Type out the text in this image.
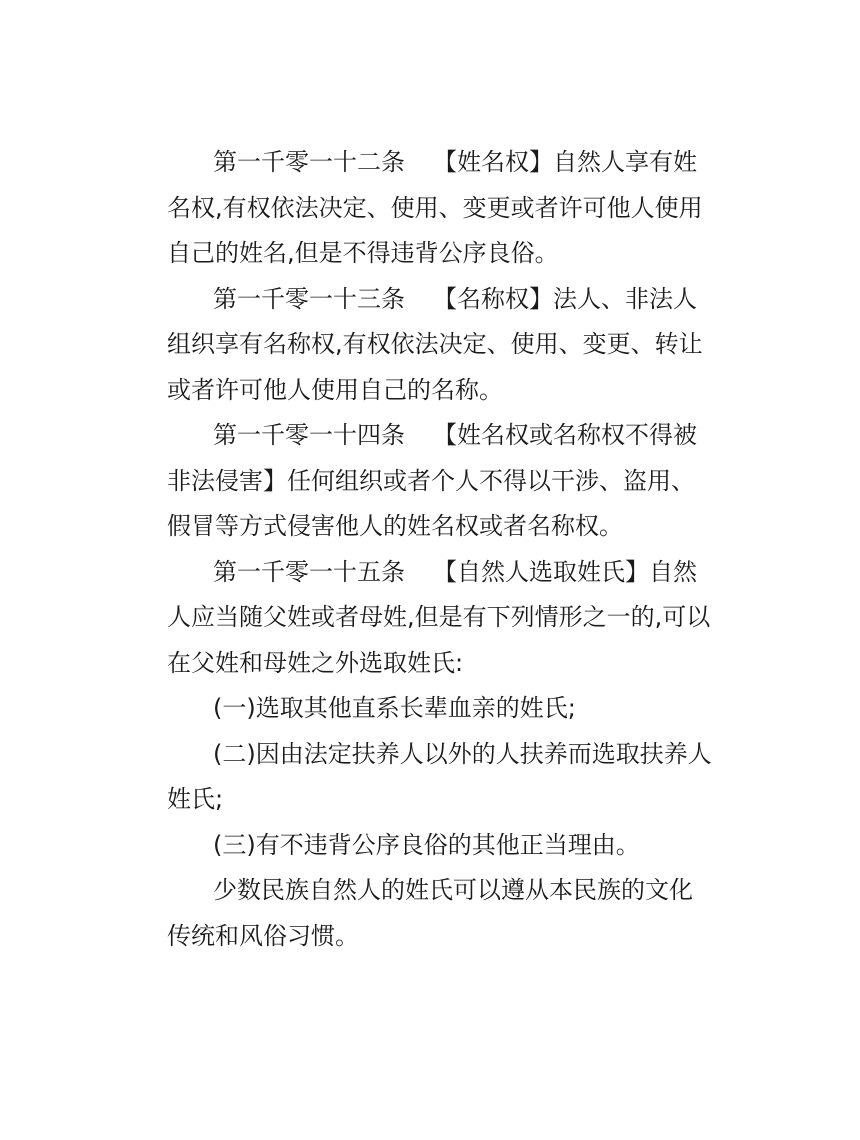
第一千零一十二条 【姓名权】自然人享有姓
名权,有权依法决定、使用、变更或者许可他人使用
自己的姓名,但是不得违背公序良俗。
第一千零一十三条 【名称权】法人、非法人
组织享有名称权,有权依法决定、使用、变更、转让
或者许可他人使用自己的名称。
第一千零一十四条 【姓名权或名称权不得被
非法侵害】任何组织或者个人不得以干涉、盗用、
假冒等方式侵害他人的姓名权或者名称权。
第一千零一十五条 【自然人选取姓氏】自然
人应当随父姓或者母姓,但是有下列情形之一的,可以
在父姓和母姓之外选取姓氏:
(一)选取其他直系长辈血亲的姓氏;
(二)因由法定扶养人以外的人扶养而选取扶养人
姓氏;
(三)有不违背公序良俗的其他正当理由。
少数民族自然人的姓氏可以遵从本民族的文化
传统和风俗习惯。
